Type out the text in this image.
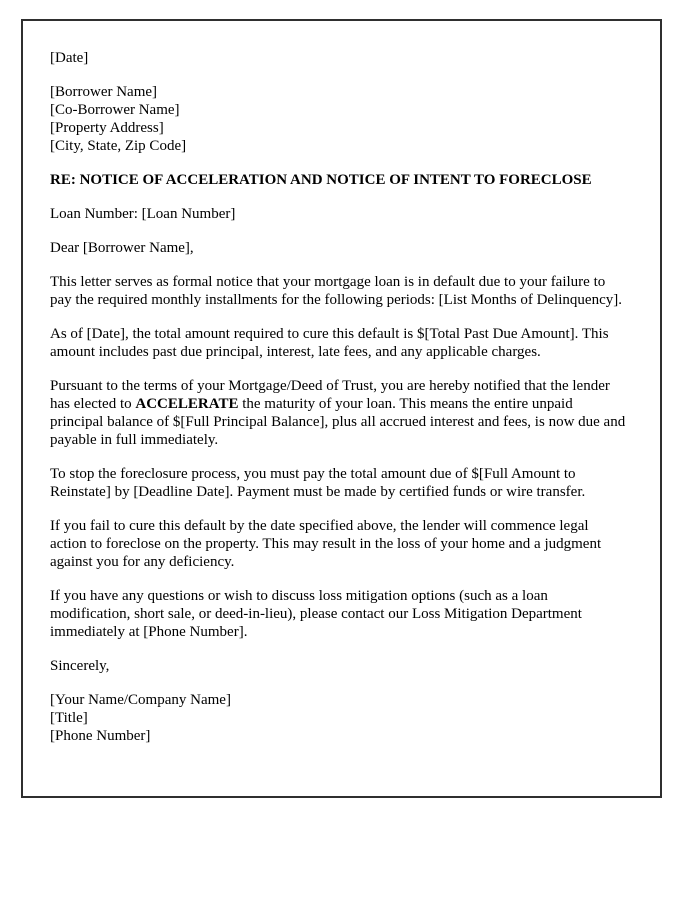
[Date]
[Borrower Name]
[Co-Borrower Name]
[Property Address]
[City, State, Zip Code]
RE: NOTICE OF ACCELERATION AND NOTICE OF INTENT TO FORECLOSE
Loan Number: [Loan Number]
Dear [Borrower Name],

This letter serves as formal notice that your mortgage loan is in default due to your failure to pay the required monthly installments for the following periods: [List Months of Delinquency].

As of [Date], the total amount required to cure this default is $[Total Past Due Amount]. This amount includes past due principal, interest, late fees, and any applicable charges.

Pursuant to the terms of your Mortgage/Deed of Trust, you are hereby notified that the lender has elected to ACCELERATE the maturity of your loan. This means the entire unpaid principal balance of $[Full Principal Balance], plus all accrued interest and fees, is now due and payable in full immediately.

To stop the foreclosure process, you must pay the total amount due of $[Full Amount to Reinstate] by [Deadline Date]. Payment must be made by certified funds or wire transfer.

If you fail to cure this default by the date specified above, the lender will commence legal action to foreclose on the property. This may result in the loss of your home and a judgment against you for any deficiency.

If you have any questions or wish to discuss loss mitigation options (such as a loan modification, short sale, or deed-in-lieu), please contact our Loss Mitigation Department immediately at [Phone Number].

Sincerely,
[Your Name/Company Name]
[Title]
[Phone Number]
